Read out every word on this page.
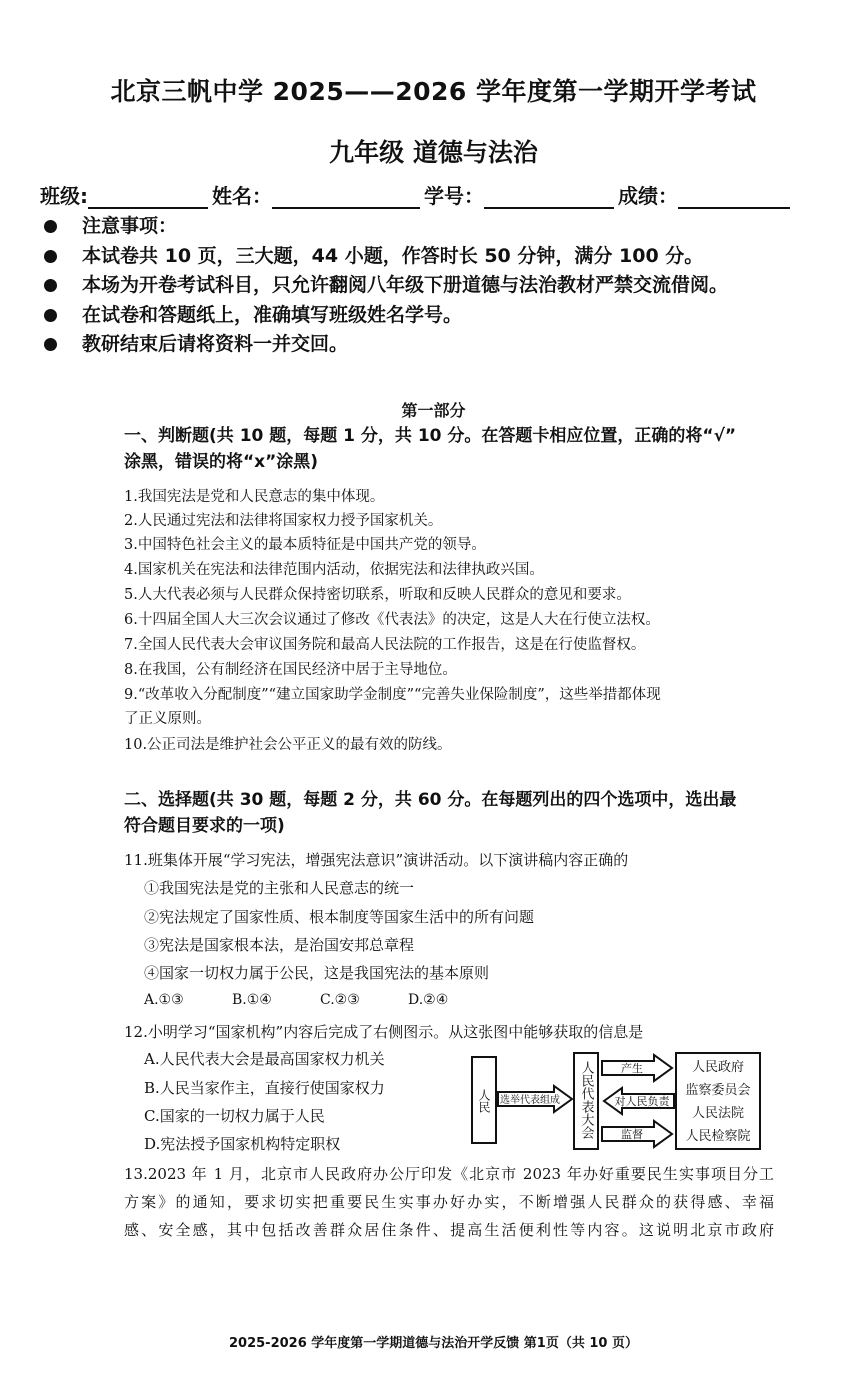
北京三帆中学 2025——2026 学年度第一学期开学考试
九年级 道德与法治
班级:	姓名：	学号：	成绩：
注意事项：
本试卷共 10 页，三大题，44 小题，作答时长 50 分钟，满分 100 分。
本场为开卷考试科目，只允许翻阅八年级下册道德与法治教材严禁交流借阅。
在试卷和答题纸上，准确填写班级姓名学号。
教研结束后请将资料一并交回。
第一部分
一、判断题(共 10 题，每题 1 分，共 10 分。在答题卡相应位置，正确的将“√”
涂黑，错误的将“x”涂黑)
1.我国宪法是党和人民意志的集中体现。
2.人民通过宪法和法律将国家权力授予国家机关。
3.中国特色社会主义的最本质特征是中国共产党的领导。
4.国家机关在宪法和法律范围内活动，依据宪法和法律执政兴国。
5.人大代表必须与人民群众保持密切联系，听取和反映人民群众的意见和要求。
6.十四届全国人大三次会议通过了修改《代表法》的决定，这是人大在行使立法权。
7.全国人民代表大会审议国务院和最高人民法院的工作报告，这是在行使监督权。
8.在我国，公有制经济在国民经济中居于主导地位。
9.“改革收入分配制度”“建立国家助学金制度”“完善失业保险制度”，这些举措都体现
了正义原则。
10.公正司法是维护社会公平正义的最有效的防线。
二、选择题(共 30 题，每题 2 分，共 60 分。在每题列出的四个选项中，选出最
符合题目要求的一项)
11.班集体开展“学习宪法，增强宪法意识”演讲活动。以下演讲稿内容正确的
①我国宪法是党的主张和人民意志的统一
②宪法规定了国家性质、根本制度等国家生活中的所有问题
③宪法是国家根本法，是治国安邦总章程
④国家一切权力属于公民，这是我国宪法的基本原则
A.①③	B.①④	C.②③	D.②④
12.小明学习“国家机构”内容后完成了右侧图示。从这张图中能够获取的信息是
A.人民代表大会是最高国家权力机关
B.人民当家作主，直接行使国家权力
C.国家的一切权力属于人民
D.宪法授予国家机构特定职权
人民 选举代表组成 人民代表大会	产生
对人民负责
监督
人民政府
监察委员会
人民法院
人民检察院
13.2023 年 1 月，北京市人民政府办公厅印发《北京市 2023 年办好重要民生实事项目分工
方案》的通知，要求切实把重要民生实事办好办实，不断增强人民群众的获得感、幸福
感、安全感，其中包括改善群众居住条件、提高生活便利性等内容。这说明北京市政府
2025-2026 学年度第一学期道德与法治开学反馈 第1页（共 10 页）
